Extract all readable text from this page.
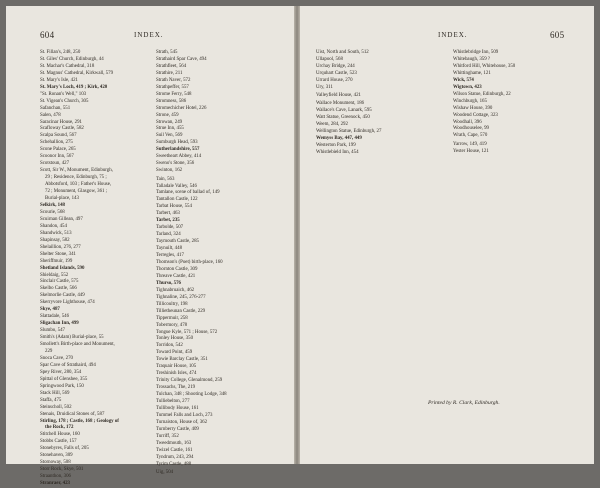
604	INDEX.
St. Fillan's, 248, 250
St. Giles' Church, Edinburgh, 44
St. Machar's Cathedral, 318
St. Magnus' Cathedral, Kirkwall, 579
St. Mary's Isle, 421
St. Mary's Loch, 419 ; Kirk, 420
"St. Ronan's Well," 103
St. Vigean's Church, 305
Safanchan, 551
Salen, 478
Saracinar House, 291
Scafloway Castle, 582
Scalpa Sound, 567
Schehallion, 275
Scone Palace, 265
Scoonor Inn, 567
Scotstoun, 427
Scott, Sir W., Monument, Edinburgh,
29 ; Residence, Edinburgh, 75 ;
Abbotsford, 103 ; Father's House,
72 ; Monument, Glasgow, 361 ;
Burial-place, 143
Selkirk, 148
Scourie, 568
Scuirnan Gillean, 497
Shandon, 454
Shandwick, 513
Shapinsay, 582
Shelaillion, 276, 277
Shelter Stone, 341
Sheriffmuir, 199
Shetland Islands, 590
Shieldaig, 552
Sinclair Castle, 575
Skelbo Castle, 566
Skelmorlie Castle, 449
Skerryvore Lighthouse, 474
Skye, 487
Slattadale, 546
Sligachan Inn, 499
Slumbo, 547
Smith's (Adam) Burial-place, 55
Smollett's Birth-place and Monument,
229
Snoca Cave, 270
Spar Cave of Strathaird, 494
Spey River, 280, 354
Spittal of Glenshee, 355
Springwood Park, 150
Stack Hill, 569
Staffa, 475
Steinscholl, 502
Stenais, Druidical Stones of, 587
Stirling, 178 ; Castle, 168 ; Geology of
the Rock, 172
Stitchell House, 160
Stobbs Castle, 157
Stonebyres, Falls of, 205
Stonehaven, 309
Stornoway, 508
Storr Rock, Skye, 501
Straanthon, 306
Stranraer, 423
Strath, 545
Strathaird Spar Cave, 494
Strathfleet, 564
Strathire, 211
Strath Naver, 572
Strathpeffer, 557
Strome Ferry, 548
Stromness, 586
Stromechicher Hotel, 226
Strone, 459
Strowan, 249
Strue Inn, 455
Suil Ven, 569
Sumburgh Head, 593
Sutherlandshire, 557
Sweetheart Abbey, 414
Sweno's Stone, 356
Swinton, 162
Tain, 563
Talladale Valley, 546
Tamlane, scene of ballad of, 149
Tantallon Castle, 122
Tarbat House, 554
Tarbert, 463
Tarbet, 235
Tarbolde, 507
Tarland, 324
Taymouth Castle, 285
Taynuilt, 448
Terregles, 417
Thomson's (Poet) birth-place, 160
Thornton Castle, 309
Threave Castle, 421
Thurso, 576
Tighnabruaich, 462
Tighnaline, 245, 276-277
Tillicoultry, 198
Tillietheunan Castle, 229
Tippermuir, 258
Tobermory, 478
Tongue Kyle, 571 ; House, 572
Tonley House, 350
Torridon, 542
Toward Point, 459
Towie Barclay Castle, 351
Traquair House, 105
Treshinish Isles, 474
Trinity College, Glenalmond, 259
Trossachs, The, 219
Tulchan, 348 ; Shooting Lodge, 348
Tulliebelton, 277
Tullibody House, 161
Tummel Falls and Loch, 273
Turnaiston, House of, 362
Turnberry Castle, 409
Turriff, 352
Tweedmouth, 163
Twizel Castle, 161
Tyndrum, 243, 294
Tyrim Castle, 488
Uig, 504
605
INDEX.
Uist, North and South, 512
Ullapool, 568
Urchay Bridge, 244
Urquhart Castle, 523
Urrard House, 270
Ury, 311
Valleyfield House, 421
Wallace Monument, 186
Wallace's Cave, Lanark, 595
Watt Statue, Greenock, 450
Weem, 284, 292
Wellington Statue, Edinburgh, 27
Wemyss Bay, 447, 449
Westerton Park, 199
Whistlebield Inn, 454
Whistlebridge Inn, 509
Whitebaugh, 359 ?
Whitford Hill, Whitehouse, 350
Whittinghame, 121
Wick, 574
Wigtown, 423
Wilson Statue, Edinburgh, 22
Winchburgh, 165
Wishaw House, 390
Woodend Cottage, 323
Woodhall, 396
Woodhouselee, 99
Wrath, Cape, 570
Yarrow, 149, 419
Yester House, 121
Printed by R. Clark, Edinburgh.
